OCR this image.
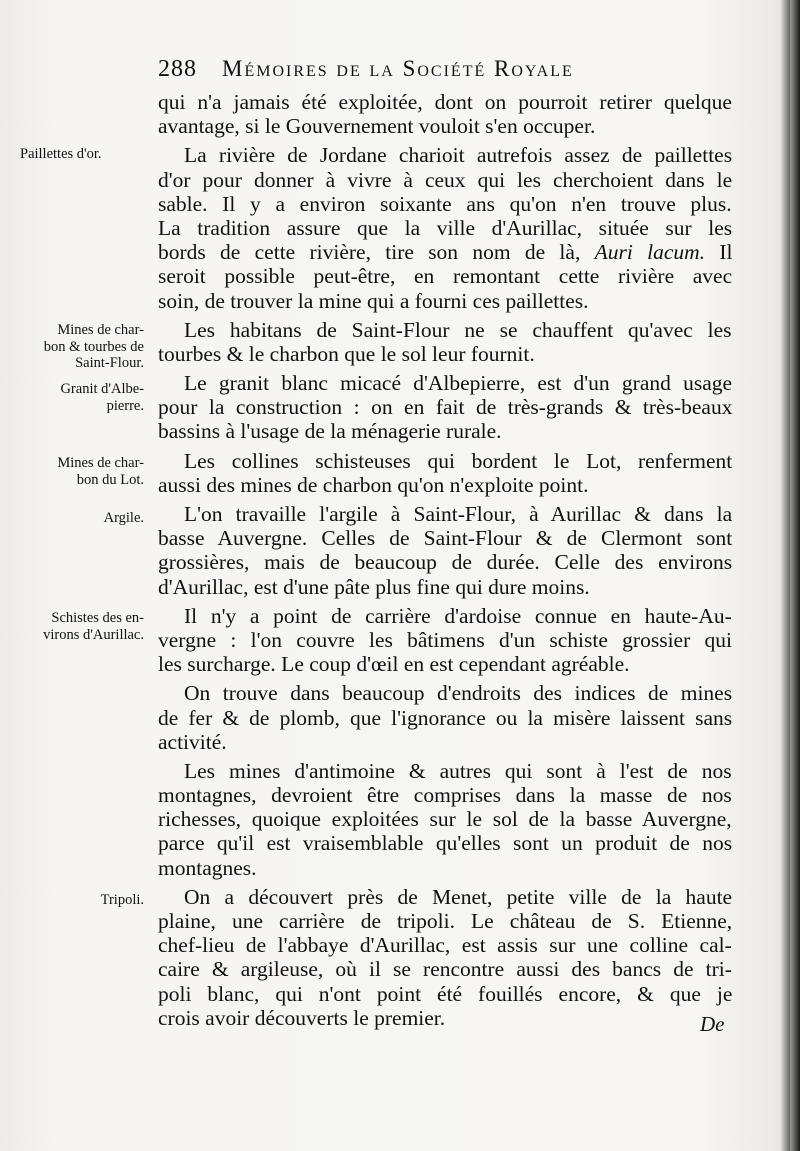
288 Mémoires de la Société Royale
Paillettes d'or.
Mines de char-
bon & tourbes de
Saint-Flour.
Granit d'Albe-
pierre.
Mines de char-
bon du Lot.
Argile.
Schistes des en-
virons d'Aurillac.
Tripoli.
qui n'a jamais été exploitée, dont on pourroit retirer quelque
avantage, si le Gouvernement vouloit s'en occuper.
La rivière de Jordane charioit autrefois assez de paillettes
d'or pour donner à vivre à ceux qui les cherchoient dans le
sable. Il y a environ soixante ans qu'on n'en trouve plus.
La tradition assure que la ville d'Aurillac, située sur les
bords de cette rivière, tire son nom de là, Auri lacum. Il
seroit possible peut-être, en remontant cette rivière avec
soin, de trouver la mine qui a fourni ces paillettes.
Les habitans de Saint-Flour ne se chauffent qu'avec les
tourbes & le charbon que le sol leur fournit.
Le granit blanc micacé d'Albepierre, est d'un grand usage
pour la construction : on en fait de très-grands & très-beaux
bassins à l'usage de la ménagerie rurale.
Les collines schisteuses qui bordent le Lot, renferment
aussi des mines de charbon qu'on n'exploite point.
L'on travaille l'argile à Saint-Flour, à Aurillac & dans la
basse Auvergne. Celles de Saint-Flour & de Clermont sont
grossières, mais de beaucoup de durée. Celle des environs
d'Aurillac, est d'une pâte plus fine qui dure moins.
Il n'y a point de carrière d'ardoise connue en haute-Au-
vergne : l'on couvre les bâtimens d'un schiste grossier qui
les surcharge. Le coup d'œil en est cependant agréable.
On trouve dans beaucoup d'endroits des indices de mines
de fer & de plomb, que l'ignorance ou la misère laissent sans
activité.
Les mines d'antimoine & autres qui sont à l'est de nos
montagnes, devroient être comprises dans la masse de nos
richesses, quoique exploitées sur le sol de la basse Auvergne,
parce qu'il est vraisemblable qu'elles sont un produit de nos
montagnes.
On a découvert près de Menet, petite ville de la haute
plaine, une carrière de tripoli. Le château de S. Etienne,
chef-lieu de l'abbaye d'Aurillac, est assis sur une colline cal-
caire & argileuse, où il se rencontre aussi des bancs de tri-
poli blanc, qui n'ont point été fouillés encore, & que je
crois avoir découverts le premier.	De
